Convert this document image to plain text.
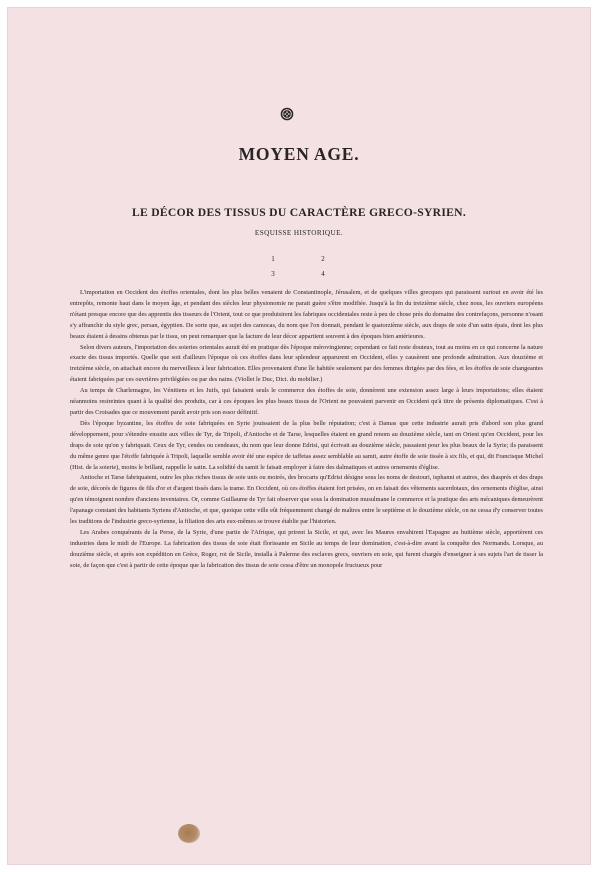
MOYEN AGE.
LE DÉCOR DES TISSUS DU CARACTÈRE GRECO-SYRIEN.
ESQUISSE HISTORIQUE.
1	2
3	4

L'importation en Occident des étoffes orientales, dont les plus belles venaient de Constantinople, Jérusalem, et de quelques villes grecques qui paraissent surtout en avoir été les entrepôts, remonte haut dans le moyen âge, et pendant des siècles leur physionomie ne parait guère s'être modifiée. Jusqu'à la fin du treizième siècle, chez nous, les ouvriers européens n'étant presque encore que des apprentis des tisseurs de l'Orient, tout ce que produisirent les fabriques occidentales reste à peu de chose près du domaine des contrefaçons, personne n'osant s'y affranchir du style grec, persan, égyptien. De sorte que, au sujet des camocas, du nom que l'on donnait, pendant le quatorzième siècle, aux draps de soie d'un satin épais, dont les plus beaux étaient à dessins obtenus par le tissu, on peut remarquer que la facture de leur décor appartient souvent à des époques bien antérieures.

Selon divers auteurs, l'importation des soieries orientales aurait été en pratique dès l'époque mérovingienne; cependant ce fait reste douteux, tout au moins en ce qui concerne la nature exacte des tissus importés. Quelle que soit d'ailleurs l'époque où ces étoffes dans leur splendeur apparurent en Occident, elles y causèrent une profonde admiration. Aux douzième et treizième siècle, on attachait encore du merveilleux à leur fabrication. Elles provenaient d'une île habitée seulement par des femmes dirigées par des fées, et les étoffes de soie changeantes étaient fabriquées par ces ouvrières privilégiées ou par des nains. (Viollet le Duc, Dict. du mobilier.)

Au temps de Charlemagne, les Vénitiens et les Juifs, qui faisaient seuls le commerce des étoffes de soie, donnèrent une extension assez large à leurs importations; elles étaient néanmoins restreintes quant à la qualité des produits, car à ces époques les plus beaux tissus de l'Orient ne pouvaient parvenir en Occident qu'à titre de présents diplomatiques. C'est à partir des Croisades que ce mouvement paraît avoir pris son essor définitif.

Dès l'époque byzantine, les étoffes de soie fabriquées en Syrie jouissaient de la plus belle réputation; c'est à Damas que cette industrie aurait pris d'abord son plus grand développement, pour s'étendre ensuite aux villes de Tyr, de Tripoli, d'Antioche et de Tarse, lesquelles étaient en grand renom au douzième siècle, tant en Orient qu'en Occident, pour les draps de soie qu'on y fabriquait. Ceux de Tyr, cendes ou cendeaux, du nom que leur donne Edrisi, qui écrivait au douzième siècle, passaient pour les plus beaux de la Syrie; ils paraissent du même genre que l'étoffe fabriquée à Tripoli, laquelle semble avoir été une espèce de taffetas assez semblable au samit, autre étoffe de soie tissée à six fils, et qui, dit Francisque Michel (Hist. de la soierie), moins le brillant, rappelle le satin. La solidité du samit le faisait employer à faire des dalmatiques et autres ornements d'église.

Antioche et Tarse fabriquaient, outre les plus riches tissus de soie unis ou moirés, des brocarts qu'Edrisi désigne sous les noms de destouri, isphanni et autres, des diasprés et des draps de soie, décorés de figures de fils d'or et d'argent tissés dans la trame. En Occident, où ces étoffes étaient fort prisées, on en faisait des vêtements sacerdotaux, des ornements d'église, ainsi qu'en témoignent nombre d'anciens inventaires. Or, comme Guillaume de Tyr fait observer que sous la domination musulmane le commerce et la pratique des arts mécaniques demeurèrent l'apanage constant des habitants Syriens d'Antioche, et que, quoique cette ville eût fréquemment changé de maîtres entre le septième et le douzième siècle, on ne cessa d'y conserver toutes les traditions de l'industrie greco-syrienne, la filiation des arts eux-mêmes se trouve établie par l'historien.

Les Arabes conquérants de la Perse, de la Syrie, d'une partie de l'Afrique, qui prirent la Sicile, et qui, avec les Maures envahirent l'Espagne au huitième siècle, apportèrent ces industries dans le midi de l'Europe. La fabrication des tissus de soie était florissante en Sicile au temps de leur domination, c'est-à-dire avant la conquête des Normands. Lorsque, au douzième siècle, et après son expédition en Grèce, Roger, roi de Sicile, installa à Palerme des esclaves grecs, ouvriers en soie, qui furent chargés d'enseigner à ses sujets l'art de tisser la soie, de façon que c'est à partir de cette époque que la fabrication des tissus de soie cessa d'être un monopole fructueux pour
